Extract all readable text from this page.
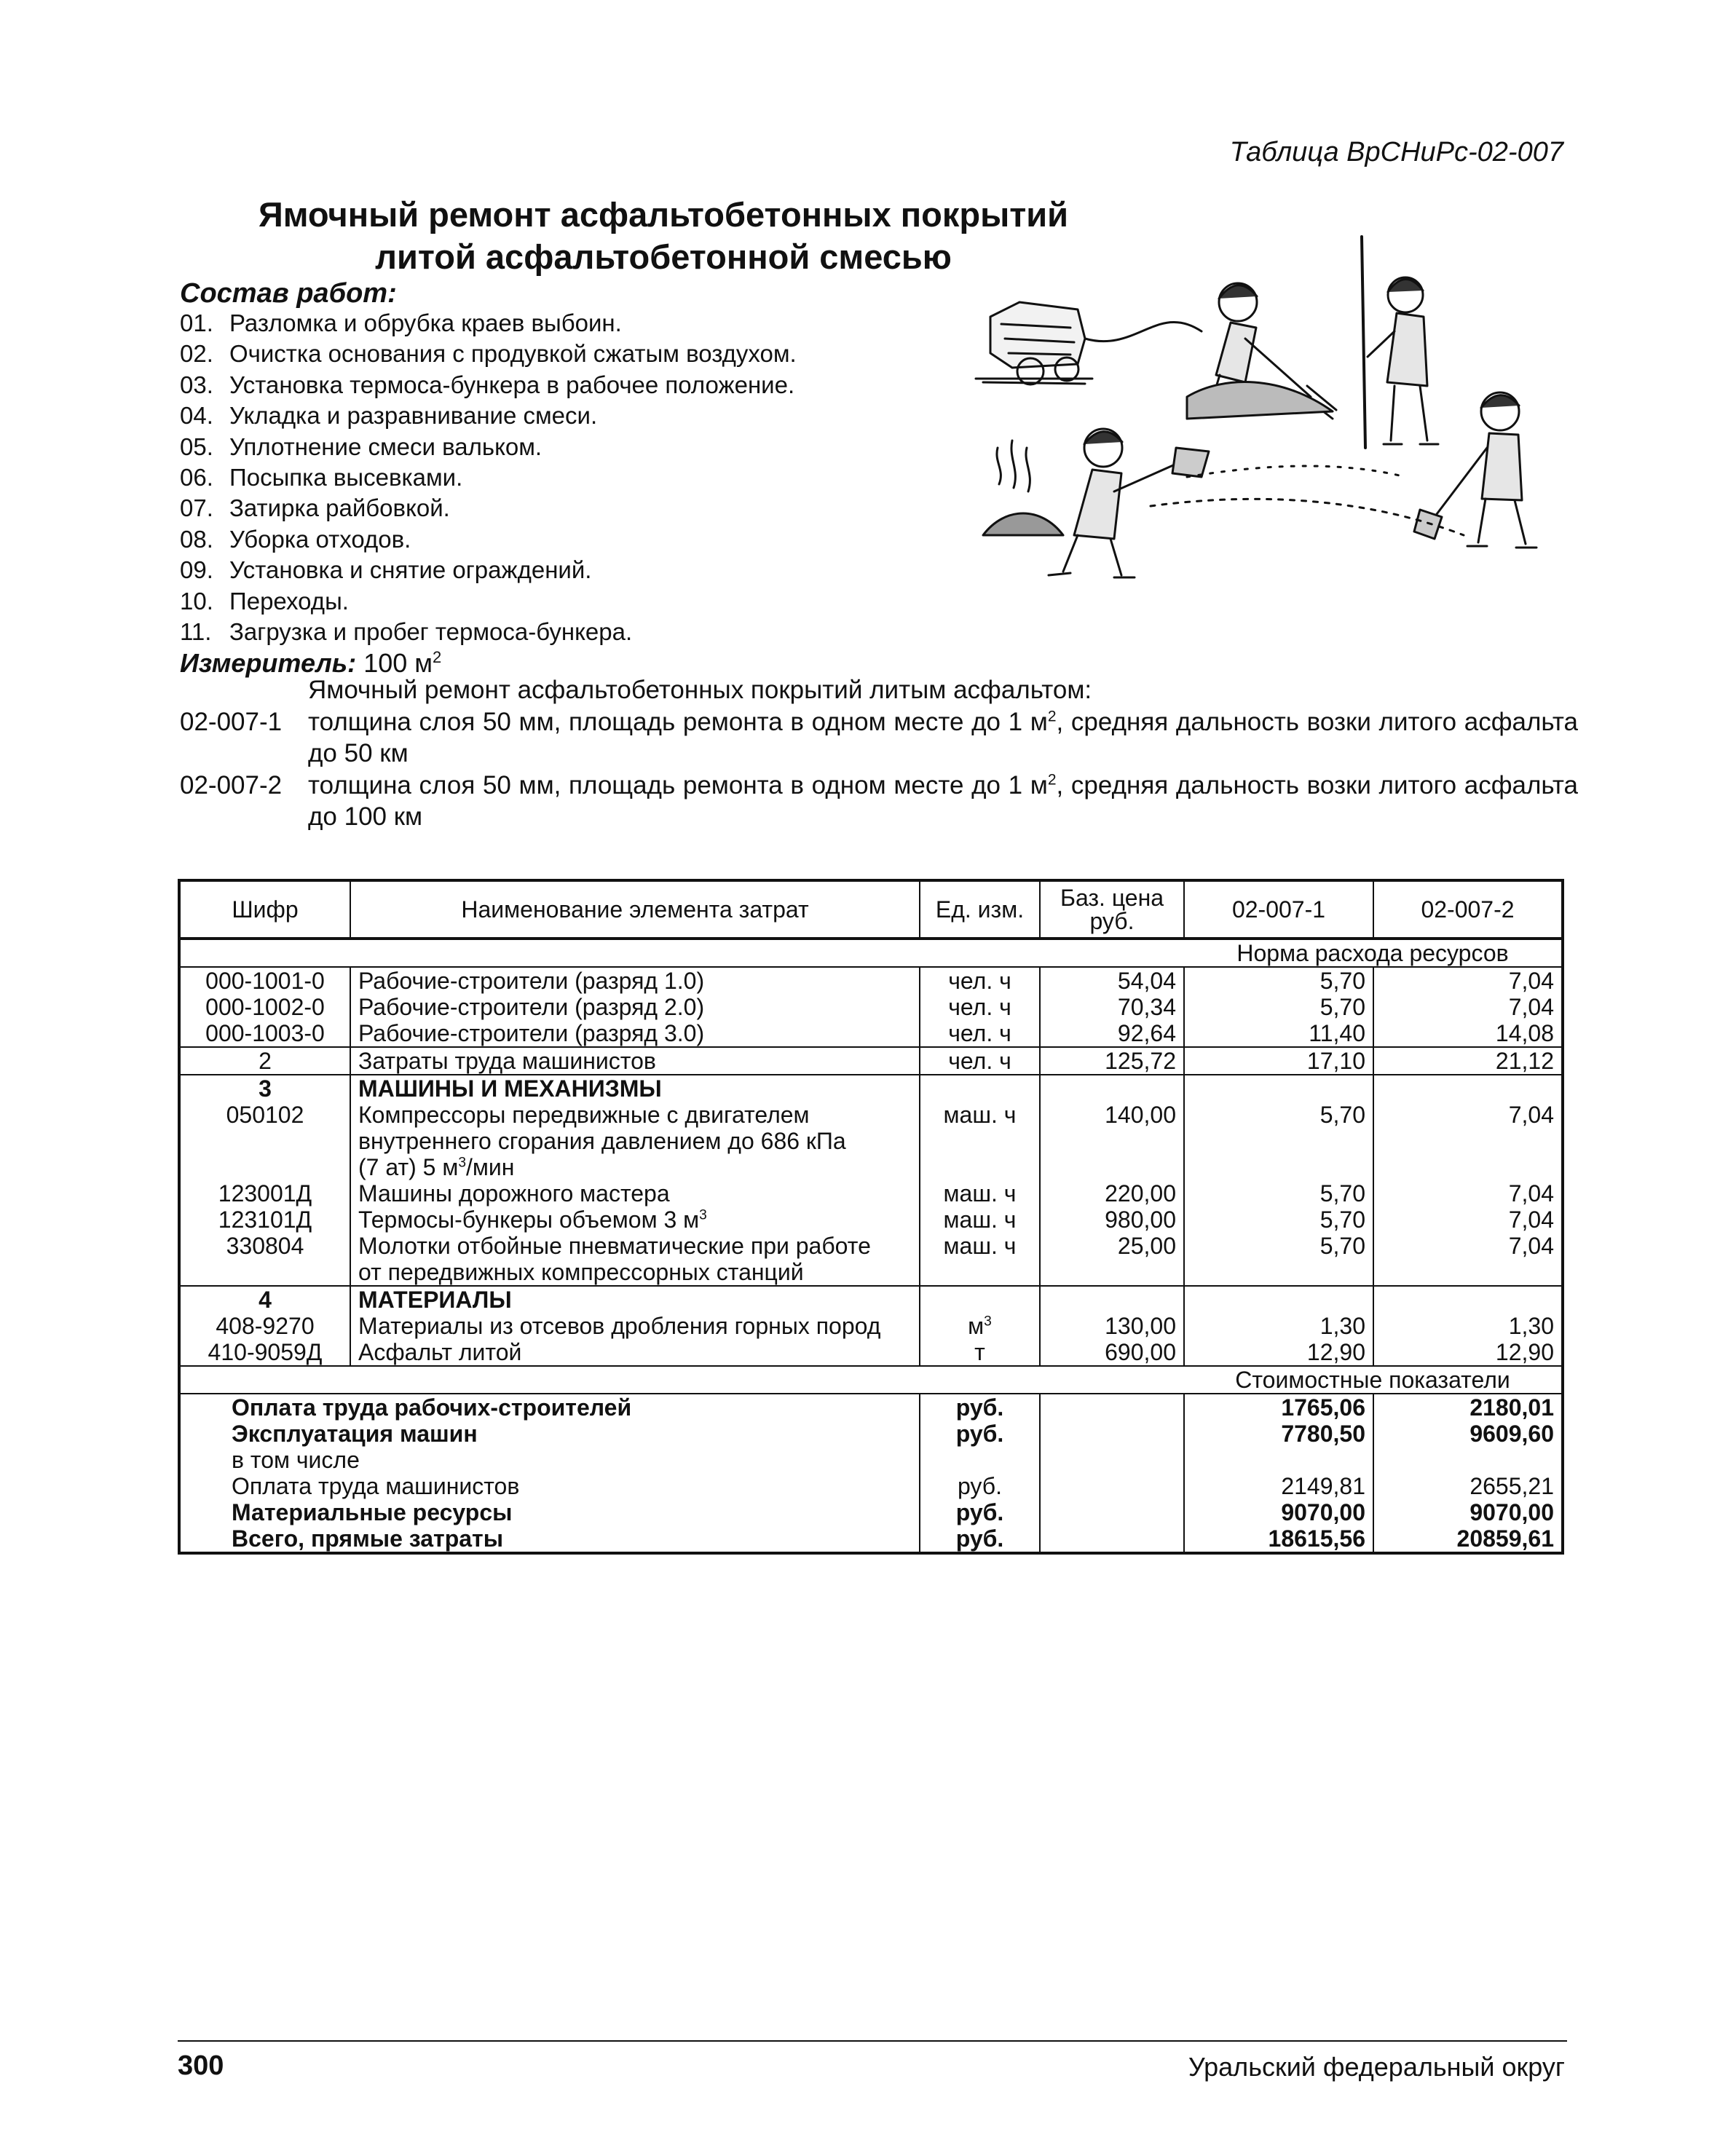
Таблица ВрСНиРс-02-007
Ямочный ремонт асфальтобетонных покрытий
литой асфальтобетонной смесью
Состав работ:
01. Разломка и обрубка краев выбоин.
02. Очистка основания с продувкой сжатым воздухом.
03. Установка термоса-бункера в рабочее положение.
04. Укладка и разравнивание смеси.
05. Уплотнение смеси вальком.
06. Посыпка высевками.
07. Затирка райбовкой.
08. Уборка отходов.
09. Установка и снятие ограждений.
10. Переходы.
11. Загрузка и пробег термоса-бункера.
Измеритель: 100 $м^2$
Ямочный ремонт асфальтобетонных покрытий литым асфальтом:
02-007-1	толщина слоя 50 мм, площадь ремонта в одном месте до 1 $м^2$, средняя дальность возки литого асфальта до 50 км
02-007-2	толщина слоя 50 мм, площадь ремонта в одном месте до 1 $м^2$, средняя дальность возки литого асфальта до 100 км
Шифр	Наименование элемента затрат	Ед. изм.	Баз. цена руб.	02-007-1	02-007-2
				Норма расхода ресурсов	
000-1001-0	Рабочие-строители (разряд 1.0)	чел. ч	54,04	5,70	7,04
000-1002-0	Рабочие-строители (разряд 2.0)	чел. ч	70,34	5,70	7,04
000-1003-0	Рабочие-строители (разряд 3.0)	чел. ч	92,64	11,40	14,08
2	Затраты труда машинистов	чел. ч	125,72	17,10	21,12
3	МАШИНЫ И МЕХАНИЗМЫ				
050102	Компрессоры передвижные с двигателем
внутреннего сгорания давлением до 686 кПа
(7 ат) 5 $м^3$/мин	маш. ч	140,00	5,70	7,04
123001Д	Машины дорожного мастера	маш. ч	220,00	5,70	7,04
123101Д	Термосы-бункеры объемом 3 $м^3$	маш. ч	980,00	5,70	7,04
330804	Молотки отбойные пневматические при работе
от передвижных компрессорных станций	маш. ч	25,00	5,70	7,04
4	МАТЕРИАЛЫ				
408-9270	Материалы из отсевов дробления горных пород	$м^3$	130,00	1,30	1,30
410-9059Д	Асфальт литой	т	690,00	12,90	12,90
				Стоимостные показатели	
Оплата труда рабочих-строителей		руб.		1765,06	2180,01
Эксплуатация машин		руб.		7780,50	9609,60
в том числе					
Оплата труда машинистов		руб.		2149,81	2655,21
Материальные ресурсы		руб.		9070,00	9070,00
Всего, прямые затраты		руб.		18615,56	20859,61
300	Уральский федеральный округ
